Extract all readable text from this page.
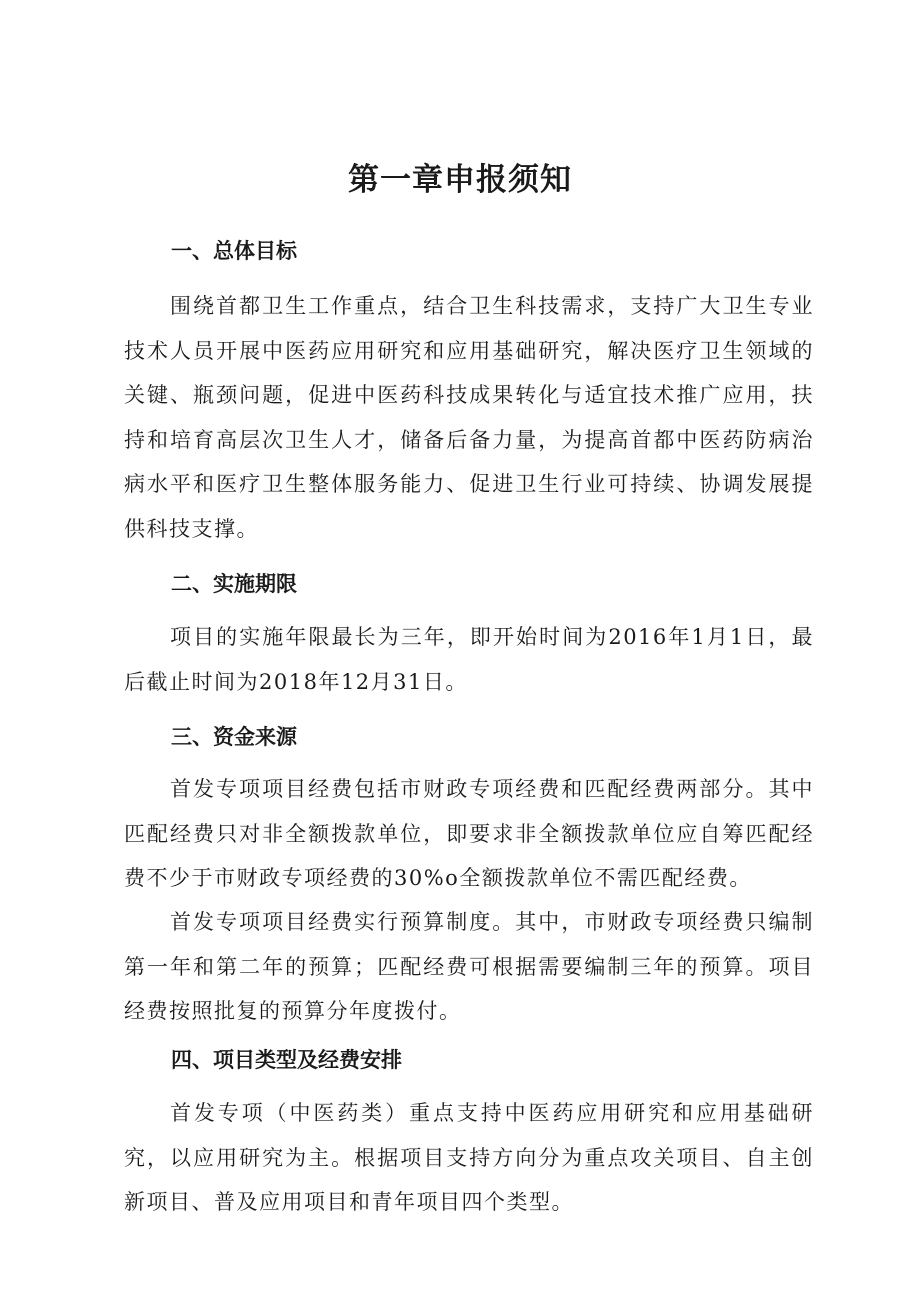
第一章申报须知
一、总体目标

围绕首都卫生工作重点，结合卫生科技需求，支持广大卫生专业技术人员开展中医药应用研究和应用基础研究，解决医疗卫生领域的关键、瓶颈问题，促进中医药科技成果转化与适宜技术推广应用，扶持和培育高层次卫生人才，储备后备力量，为提高首都中医药防病治病水平和医疗卫生整体服务能力、促进卫生行业可持续、协调发展提供科技支撑。

二、实施期限

项目的实施年限最长为三年，即开始时间为2016年1月1日，最后截止时间为2018年12月31日。

三、资金来源

首发专项项目经费包括市财政专项经费和匹配经费两部分。其中匹配经费只对非全额拨款单位，即要求非全额拨款单位应自筹匹配经费不少于市财政专项经费的30%o全额拨款单位不需匹配经费。

首发专项项目经费实行预算制度。其中，市财政专项经费只编制第一年和第二年的预算；匹配经费可根据需要编制三年的预算。项目经费按照批复的预算分年度拨付。

四、项目类型及经费安排

首发专项（中医药类）重点支持中医药应用研究和应用基础研究，以应用研究为主。根据项目支持方向分为重点攻关项目、自主创新项目、普及应用项目和青年项目四个类型。
